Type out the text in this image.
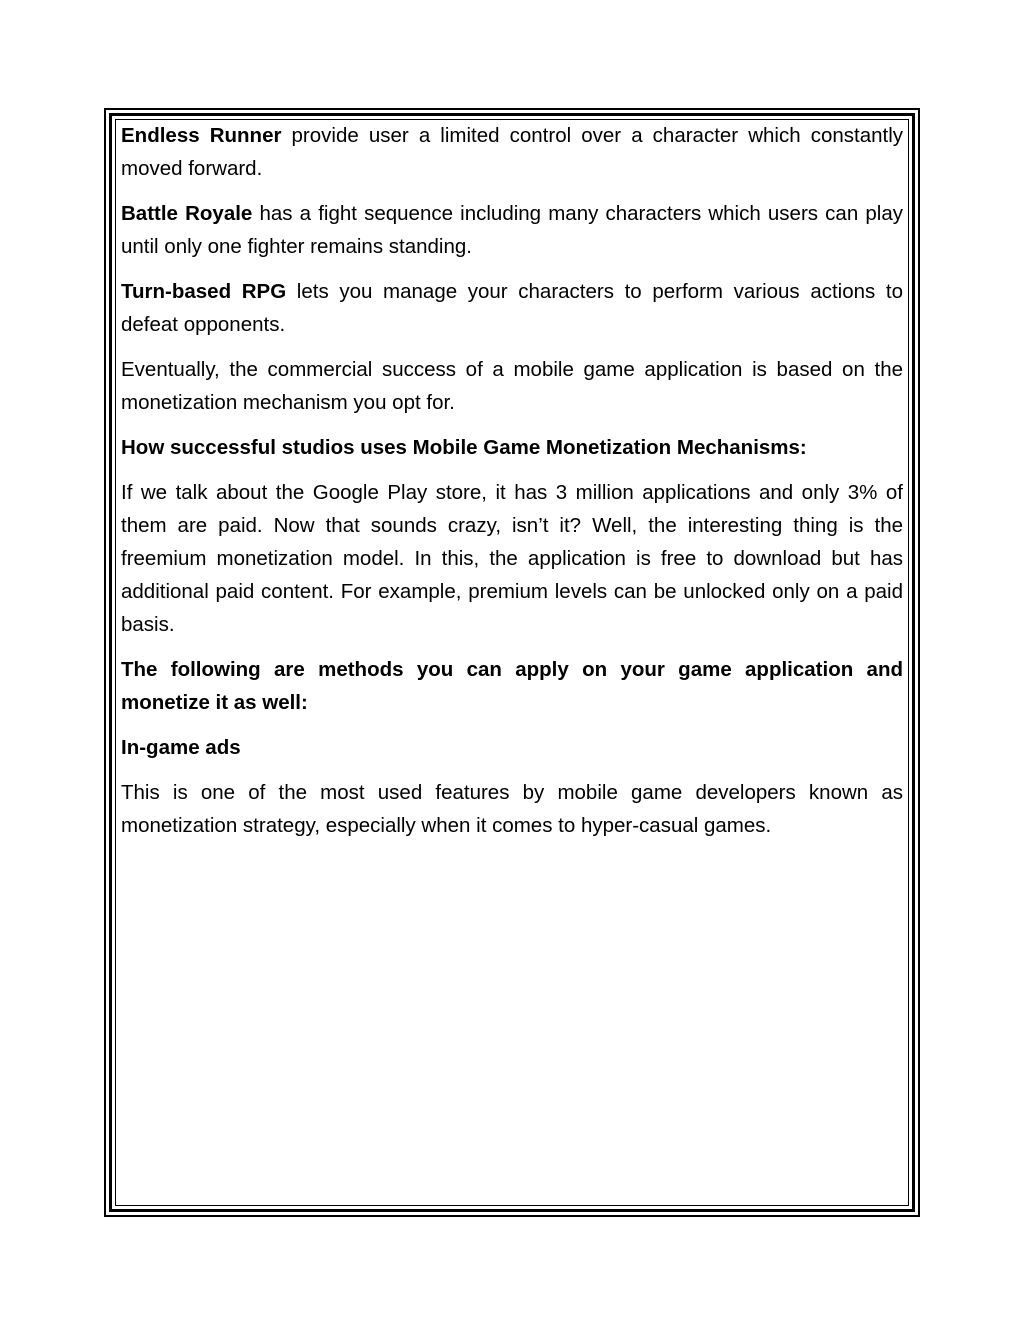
Endless Runner provide user a limited control over a character which constantly moved forward.

Battle Royale has a fight sequence including many characters which users can play until only one fighter remains standing.

Turn-based RPG lets you manage your characters to perform various actions to defeat opponents.

Eventually, the commercial success of a mobile game application is based on the monetization mechanism you opt for.

How successful studios uses Mobile Game Monetization Mechanisms:

If we talk about the Google Play store, it has 3 million applications and only 3% of them are paid. Now that sounds crazy, isn’t it? Well, the interesting thing is the freemium monetization model. In this, the application is free to download but has additional paid content. For example, premium levels can be unlocked only on a paid basis.

The following are methods you can apply on your game application and monetize it as well:

In-game ads

This is one of the most used features by mobile game developers known as monetization strategy, especially when it comes to hyper-casual games.
